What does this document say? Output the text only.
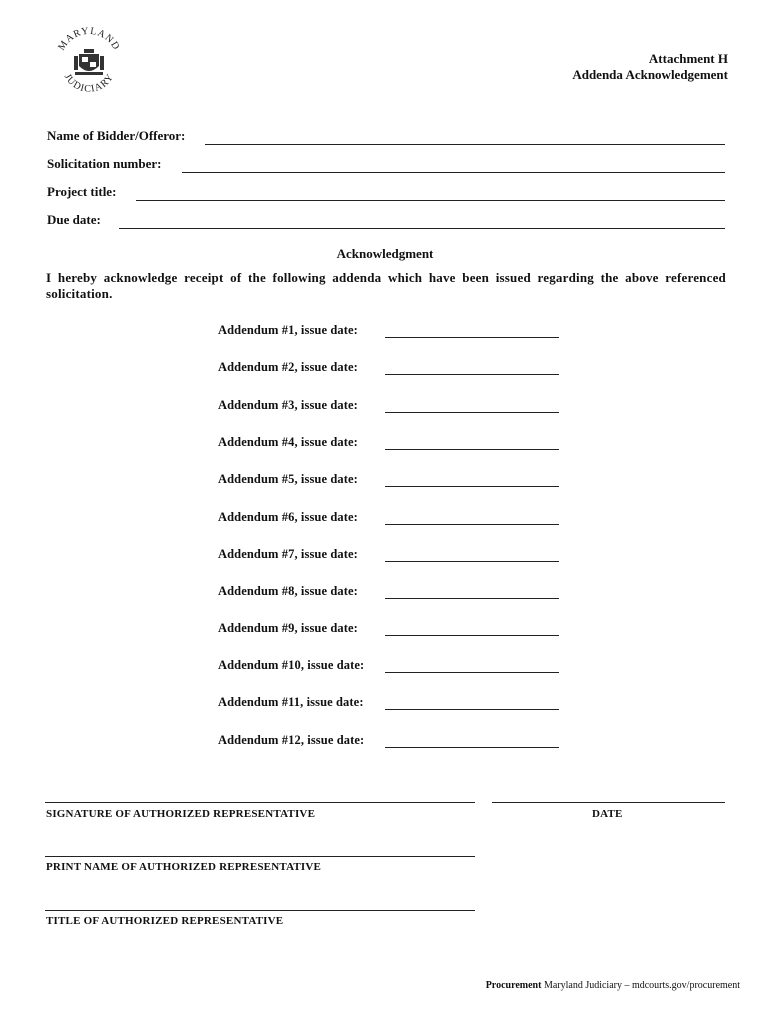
MARYLAND
JUDICIARY
Attachment H
Addenda Acknowledgement
Name of Bidder/Offeror:
Solicitation number:
Project title:
Due date:
Acknowledgment
I hereby acknowledge receipt of the following addenda which have been issued regarding the above referenced solicitation.
Addendum #1, issue date:
Addendum #2, issue date:
Addendum #3, issue date:
Addendum #4, issue date:
Addendum #5, issue date:
Addendum #6, issue date:
Addendum #7, issue date:
Addendum #8, issue date:
Addendum #9, issue date:
Addendum #10, issue date:
Addendum #11, issue date:
Addendum #12, issue date:
SIGNATURE OF AUTHORIZED REPRESENTATIVE	DATE
PRINT NAME OF AUTHORIZED REPRESENTATIVE
TITLE OF AUTHORIZED REPRESENTATIVE
Procurement Maryland Judiciary – mdcourts.gov/procurement
